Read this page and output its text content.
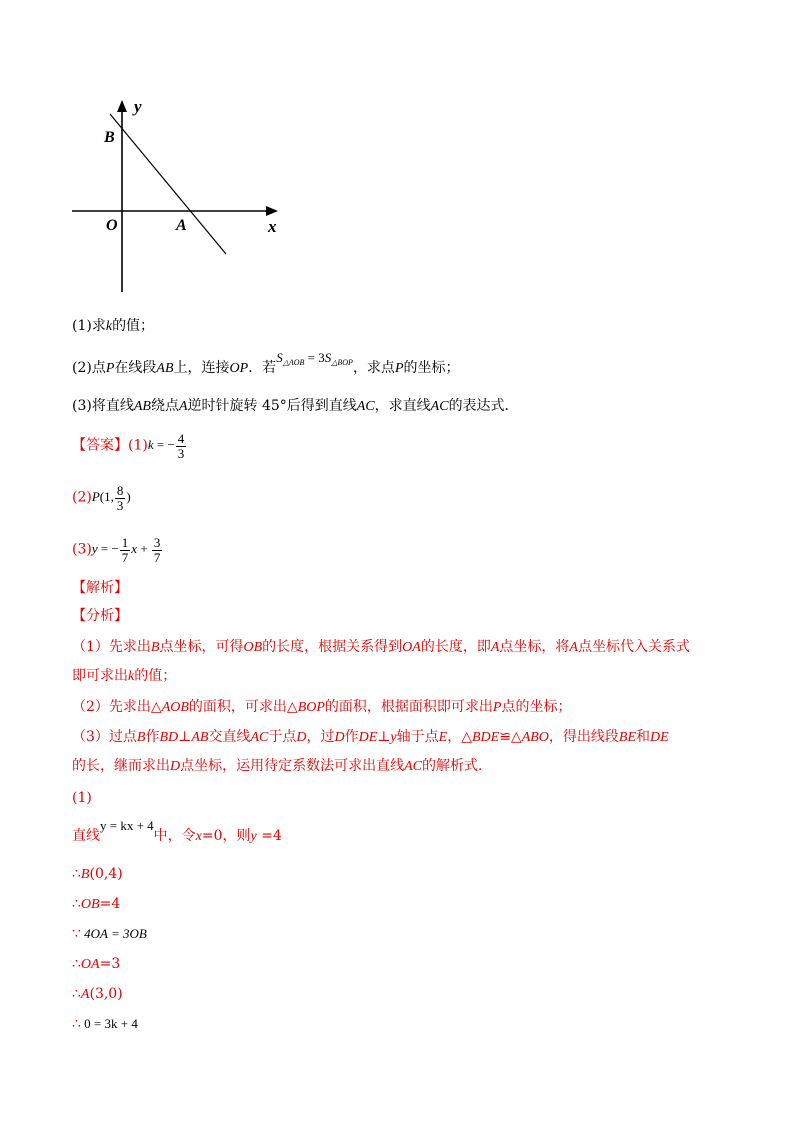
y
x
O	A
B
(1)求k的值；
(2)点P在线段AB上，连接OP．若$S_{\triangle AOB} = 3S_{\triangle BOP}$，求点P的坐标；
(3)将直线AB绕点A逆时针旋转 45°后得到直线AC，求直线AC的表达式．
【答案】(1)k = − $\frac{4}{3}$
(2)P(1, $\frac{8}{3}$ )
(3)y = − $\frac{1}{7}$ $x + \frac{3}{7}$
【解析】
【分析】
（1）先求出B点坐标，可得OB的长度，根据关系得到OA的长度，即A点坐标，将A点坐标代入关系式
即可求出k的值；
（2）先求出△AOB的面积，可求出△BOP的面积，根据面积即可求出P点的坐标；
（3）过点B作BD⊥AB交直线AC于点D，过D作DE⊥y轴于点E，△BDE≌△ABO，得出线段BE和DE
的长，继而求出D点坐标，运用待定系数法可求出直线AC的解析式.
(1)
直线y = kx + 4中，令x=0，则y =4
∴B(0,4)
∴OB=4
∵ 4OA = 3OB
∴OA=3
∴A(3,0)
∴ 0 = 3k + 4
